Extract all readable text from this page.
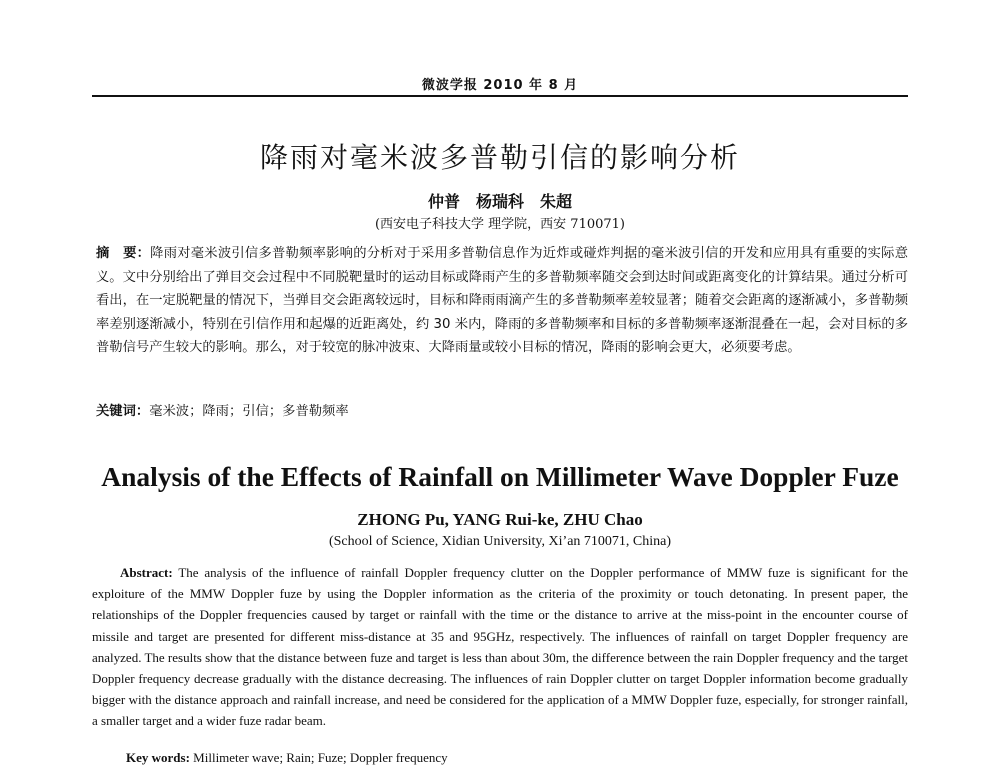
微波学报 2010 年 8 月
降雨对毫米波多普勒引信的影响分析
仲普　杨瑞科　朱超
(西安电子科技大学 理学院，西安 710071)

摘　要：降雨对毫米波引信多普勒频率影响的分析对于采用多普勒信息作为近炸或碰炸判据的毫米波引信的开发和应用具有重要的实际意义。文中分别给出了弹目交会过程中不同脱靶量时的运动目标或降雨产生的多普勒频率随交会到达时间或距离变化的计算结果。通过分析可看出，在一定脱靶量的情况下，当弹目交会距离较远时，目标和降雨雨滴产生的多普勒频率差较显著；随着交会距离的逐渐减小，多普勒频率差别逐渐减小，特别在引信作用和起爆的近距离处，约 30 米内，降雨的多普勒频率和目标的多普勒频率逐渐混叠在一起，会对目标的多普勒信号产生较大的影响。那么，对于较宽的脉冲波束、大降雨量或较小目标的情况，降雨的影响会更大，必须要考虑。

关键词：毫米波；降雨；引信；多普勒频率

Analysis of the Effects of Rainfall on Millimeter Wave Doppler Fuze
ZHONG Pu, YANG Rui-ke, ZHU Chao
(School of Science, Xidian University, Xi’an 710071, China)

Abstract: The analysis of the influence of rainfall Doppler frequency clutter on the Doppler performance of MMW fuze is significant for the exploiture of the MMW Doppler fuze by using the Doppler information as the criteria of the proximity or touch detonating. In present paper, the relationships of the Doppler frequencies caused by target or rainfall with the time or the distance to arrive at the miss-point in the encounter course of missile and target are presented for different miss-distance at 35 and 95GHz, respectively. The influences of rainfall on target Doppler frequency are analyzed. The results show that the distance between fuze and target is less than about 30m, the difference between the rain Doppler frequency and the target Doppler frequency decrease gradually with the distance decreasing. The influences of rain Doppler clutter on target Doppler information become gradually bigger with the distance approach and rainfall increase, and need be considered for the application of a MMW Doppler fuze, especially, for stronger rainfall, a smaller target and a wider fuze radar beam.

Key words: Millimeter wave; Rain; Fuze; Doppler frequency
